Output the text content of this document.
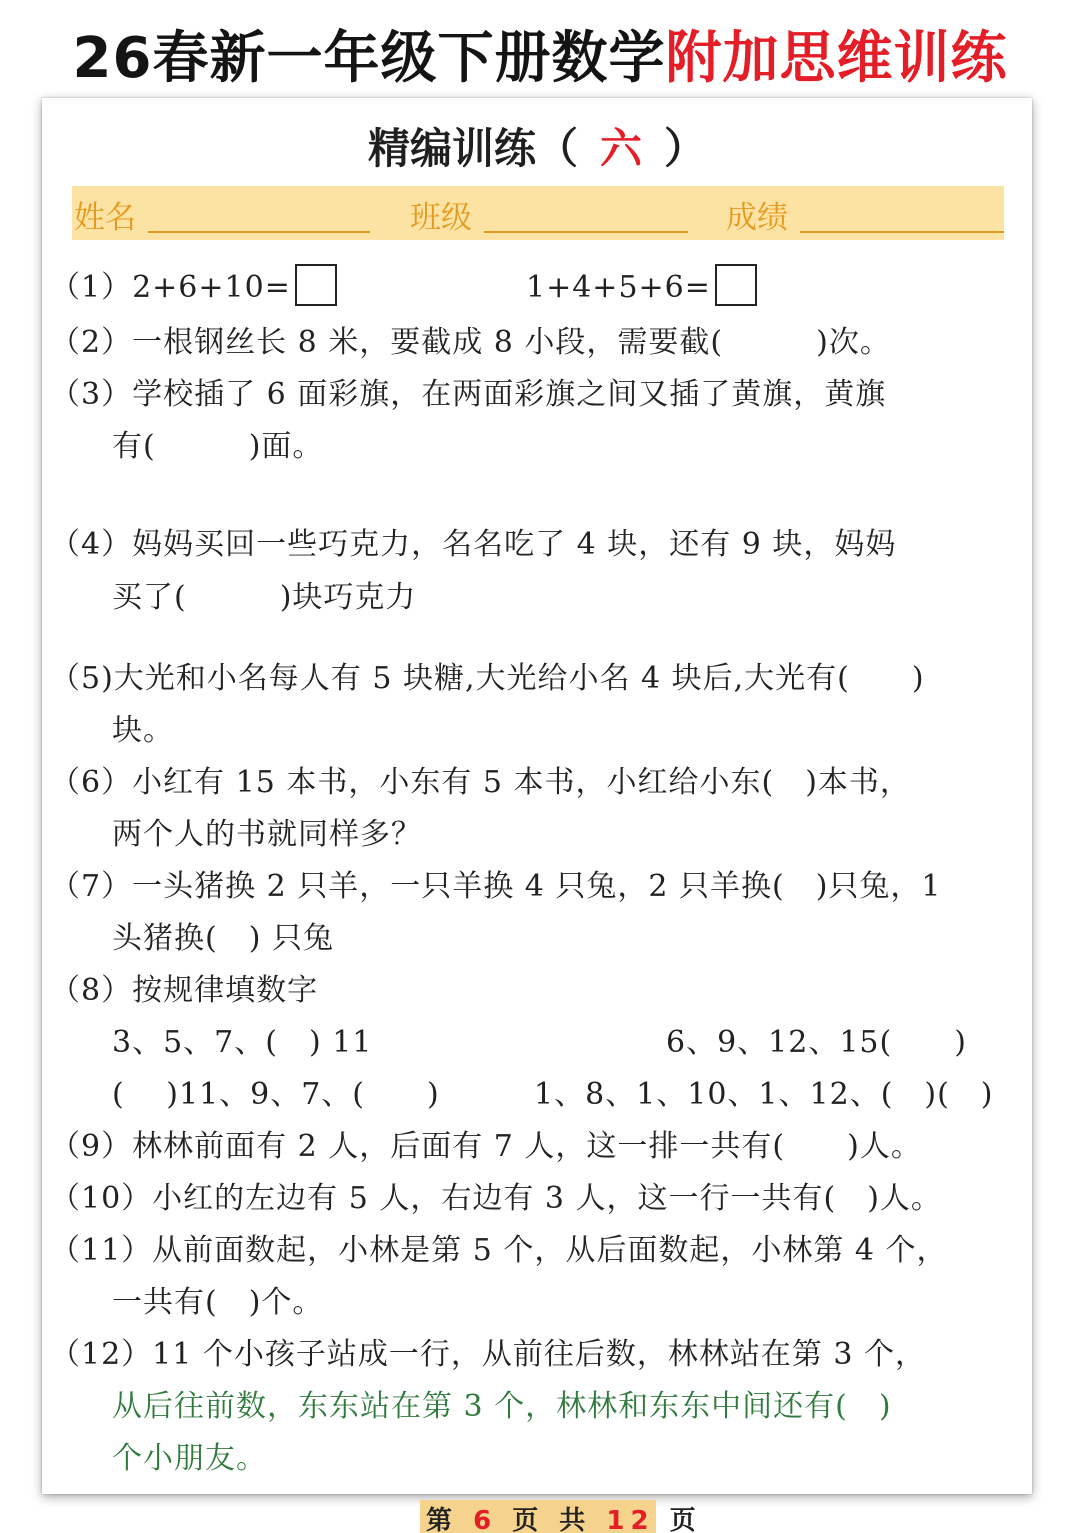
26春新一年级下册数学附加思维训练
精编训练（ 六 ）
姓名	班级	成绩
（1）2+6+10=	1+4+5+6=
（2）一根钢丝长 8 米，要截成 8 小段，需要截(　　　)次。
（3）学校插了 6 面彩旗，在两面彩旗之间又插了黄旗，黄旗
有(　　　)面。
（4）妈妈买回一些巧克力，名名吃了 4 块，还有 9 块，妈妈
买了(　　　)块巧克力
（5)大光和小名每人有 5 块糖,大光给小名 4 块后,大光有(　　)
块。
（6）小红有 15 本书，小东有 5 本书，小红给小东(　)本书，
两个人的书就同样多？
（7）一头猪换 2 只羊，一只羊换 4 只兔，2 只羊换(　)只兔，1
头猪换(　) 只兔
（8）按规律填数字
3、5、7、(　) 11	6、9、12、15(　　)
(　 )11、9、7、(　　)	1、8、1、10、1、12、(　)(　)
（9）林林前面有 2 人，后面有 7 人，这一排一共有(　　)人。
（10）小红的左边有 5 人，右边有 3 人，这一行一共有(　)人。
（11）从前面数起，小林是第 5 个，从后面数起，小林第 4 个，
一共有(　)个。
（12）11 个小孩子站成一行，从前往后数，林林站在第 3 个，
从后往前数，东东站在第 3 个，林林和东东中间还有(　)
个小朋友。
第 6 页 共 12 页
